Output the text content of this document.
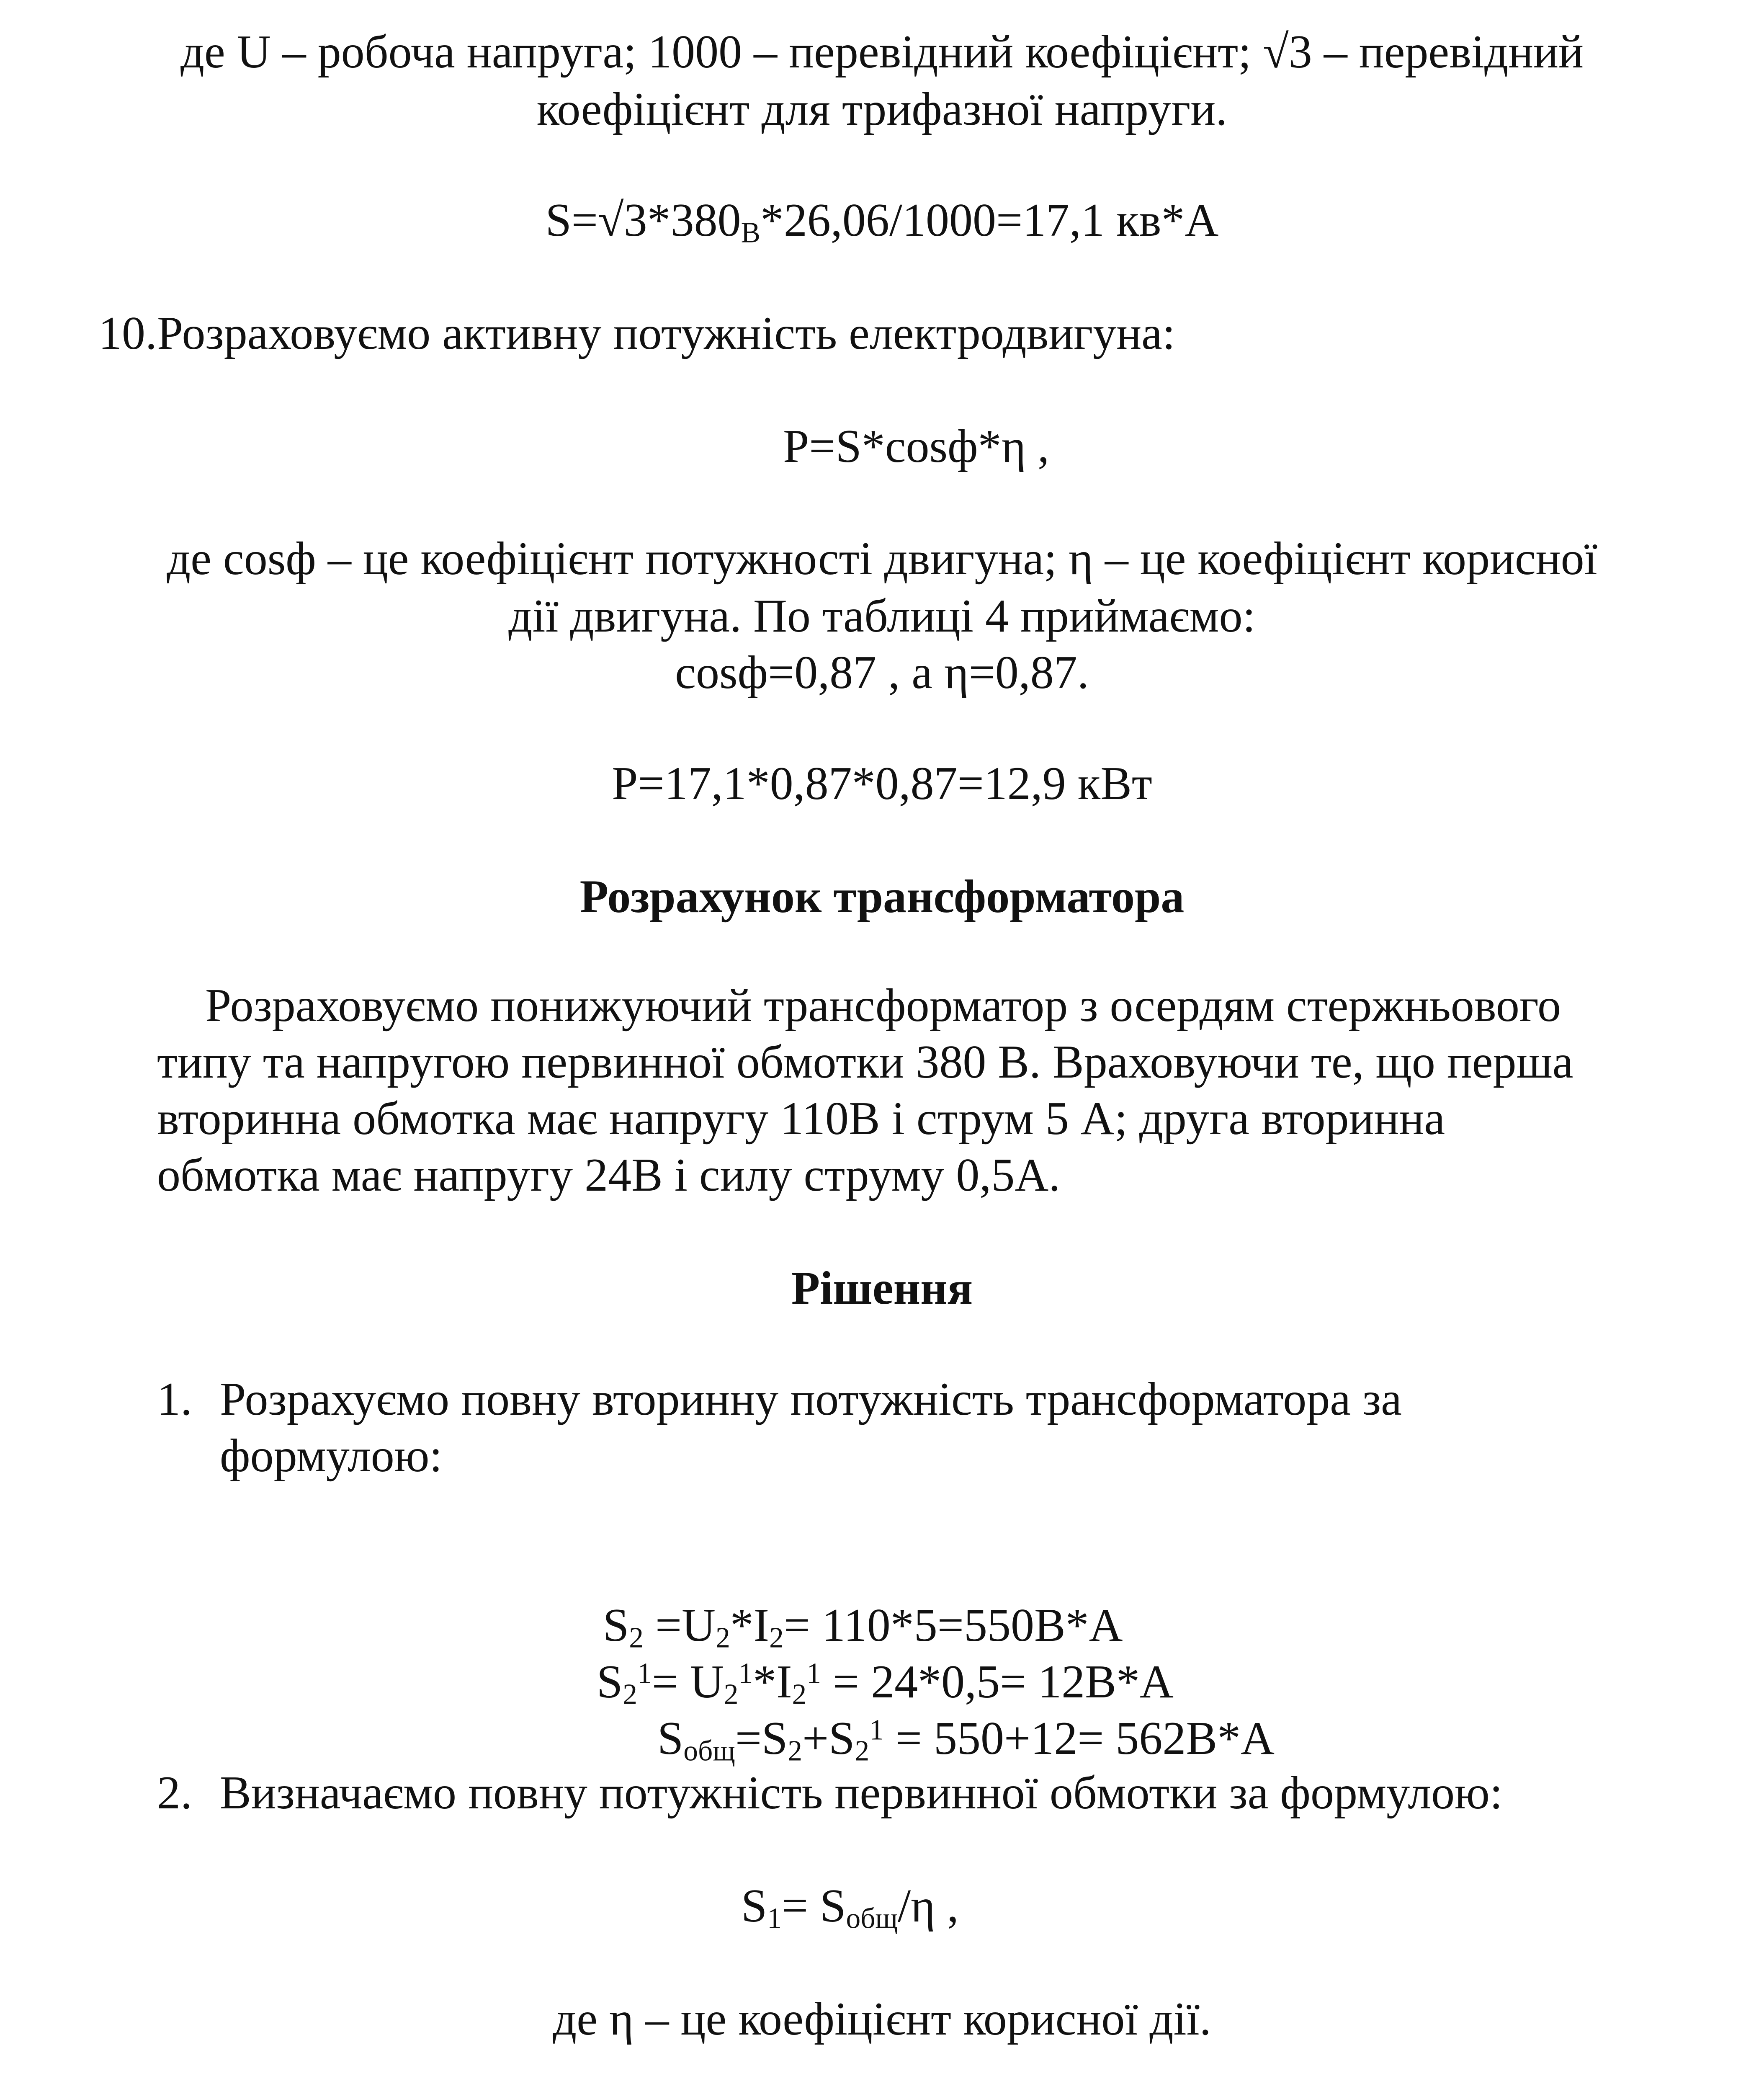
де U – робоча напруга; 1000 – перевідний коефіцієнт; √3 – перевідний
коефіцієнт для трифазної напруги.
$S=√3*380_В*26,06/1000=17,1$ кв*А
10.Розраховуємо активну потужність електродвигуна:
P=S*cosф*η ,
де cosф – це коефіцієнт потужності двигуна; η – це коефіцієнт корисної
дії двигуна. По таблиці 4 приймаємо:
cosф=0,87 , а η=0,87.
P=17,1*0,87*0,87=12,9 кВт
Розрахунок трансформатора
Розраховуємо понижуючий трансформатор з осердям стержньового
типу та напругою первинної обмотки 380 В. Враховуючи те, що перша
вторинна обмотка має напругу 110В і струм 5 А; друга вторинна
обмотка має напругу 24В і силу струму 0,5А.
Рішення
1. Розрахуємо повну вторинну потужність трансформатора за
формулою:
$S_2 =U_2*I_2= 110*5=550В*А$
$S_2^1= U_2^1*I_2^1 = 24*0,5= 12В*А$
$S_{общ}=S_2+S_2^1 = 550+12= 562В*А$
2. Визначаємо повну потужність первинної обмотки за формулою:
$S_1= S_{общ}/\eta$ ,
де η – це коефіцієнт корисної дії.
